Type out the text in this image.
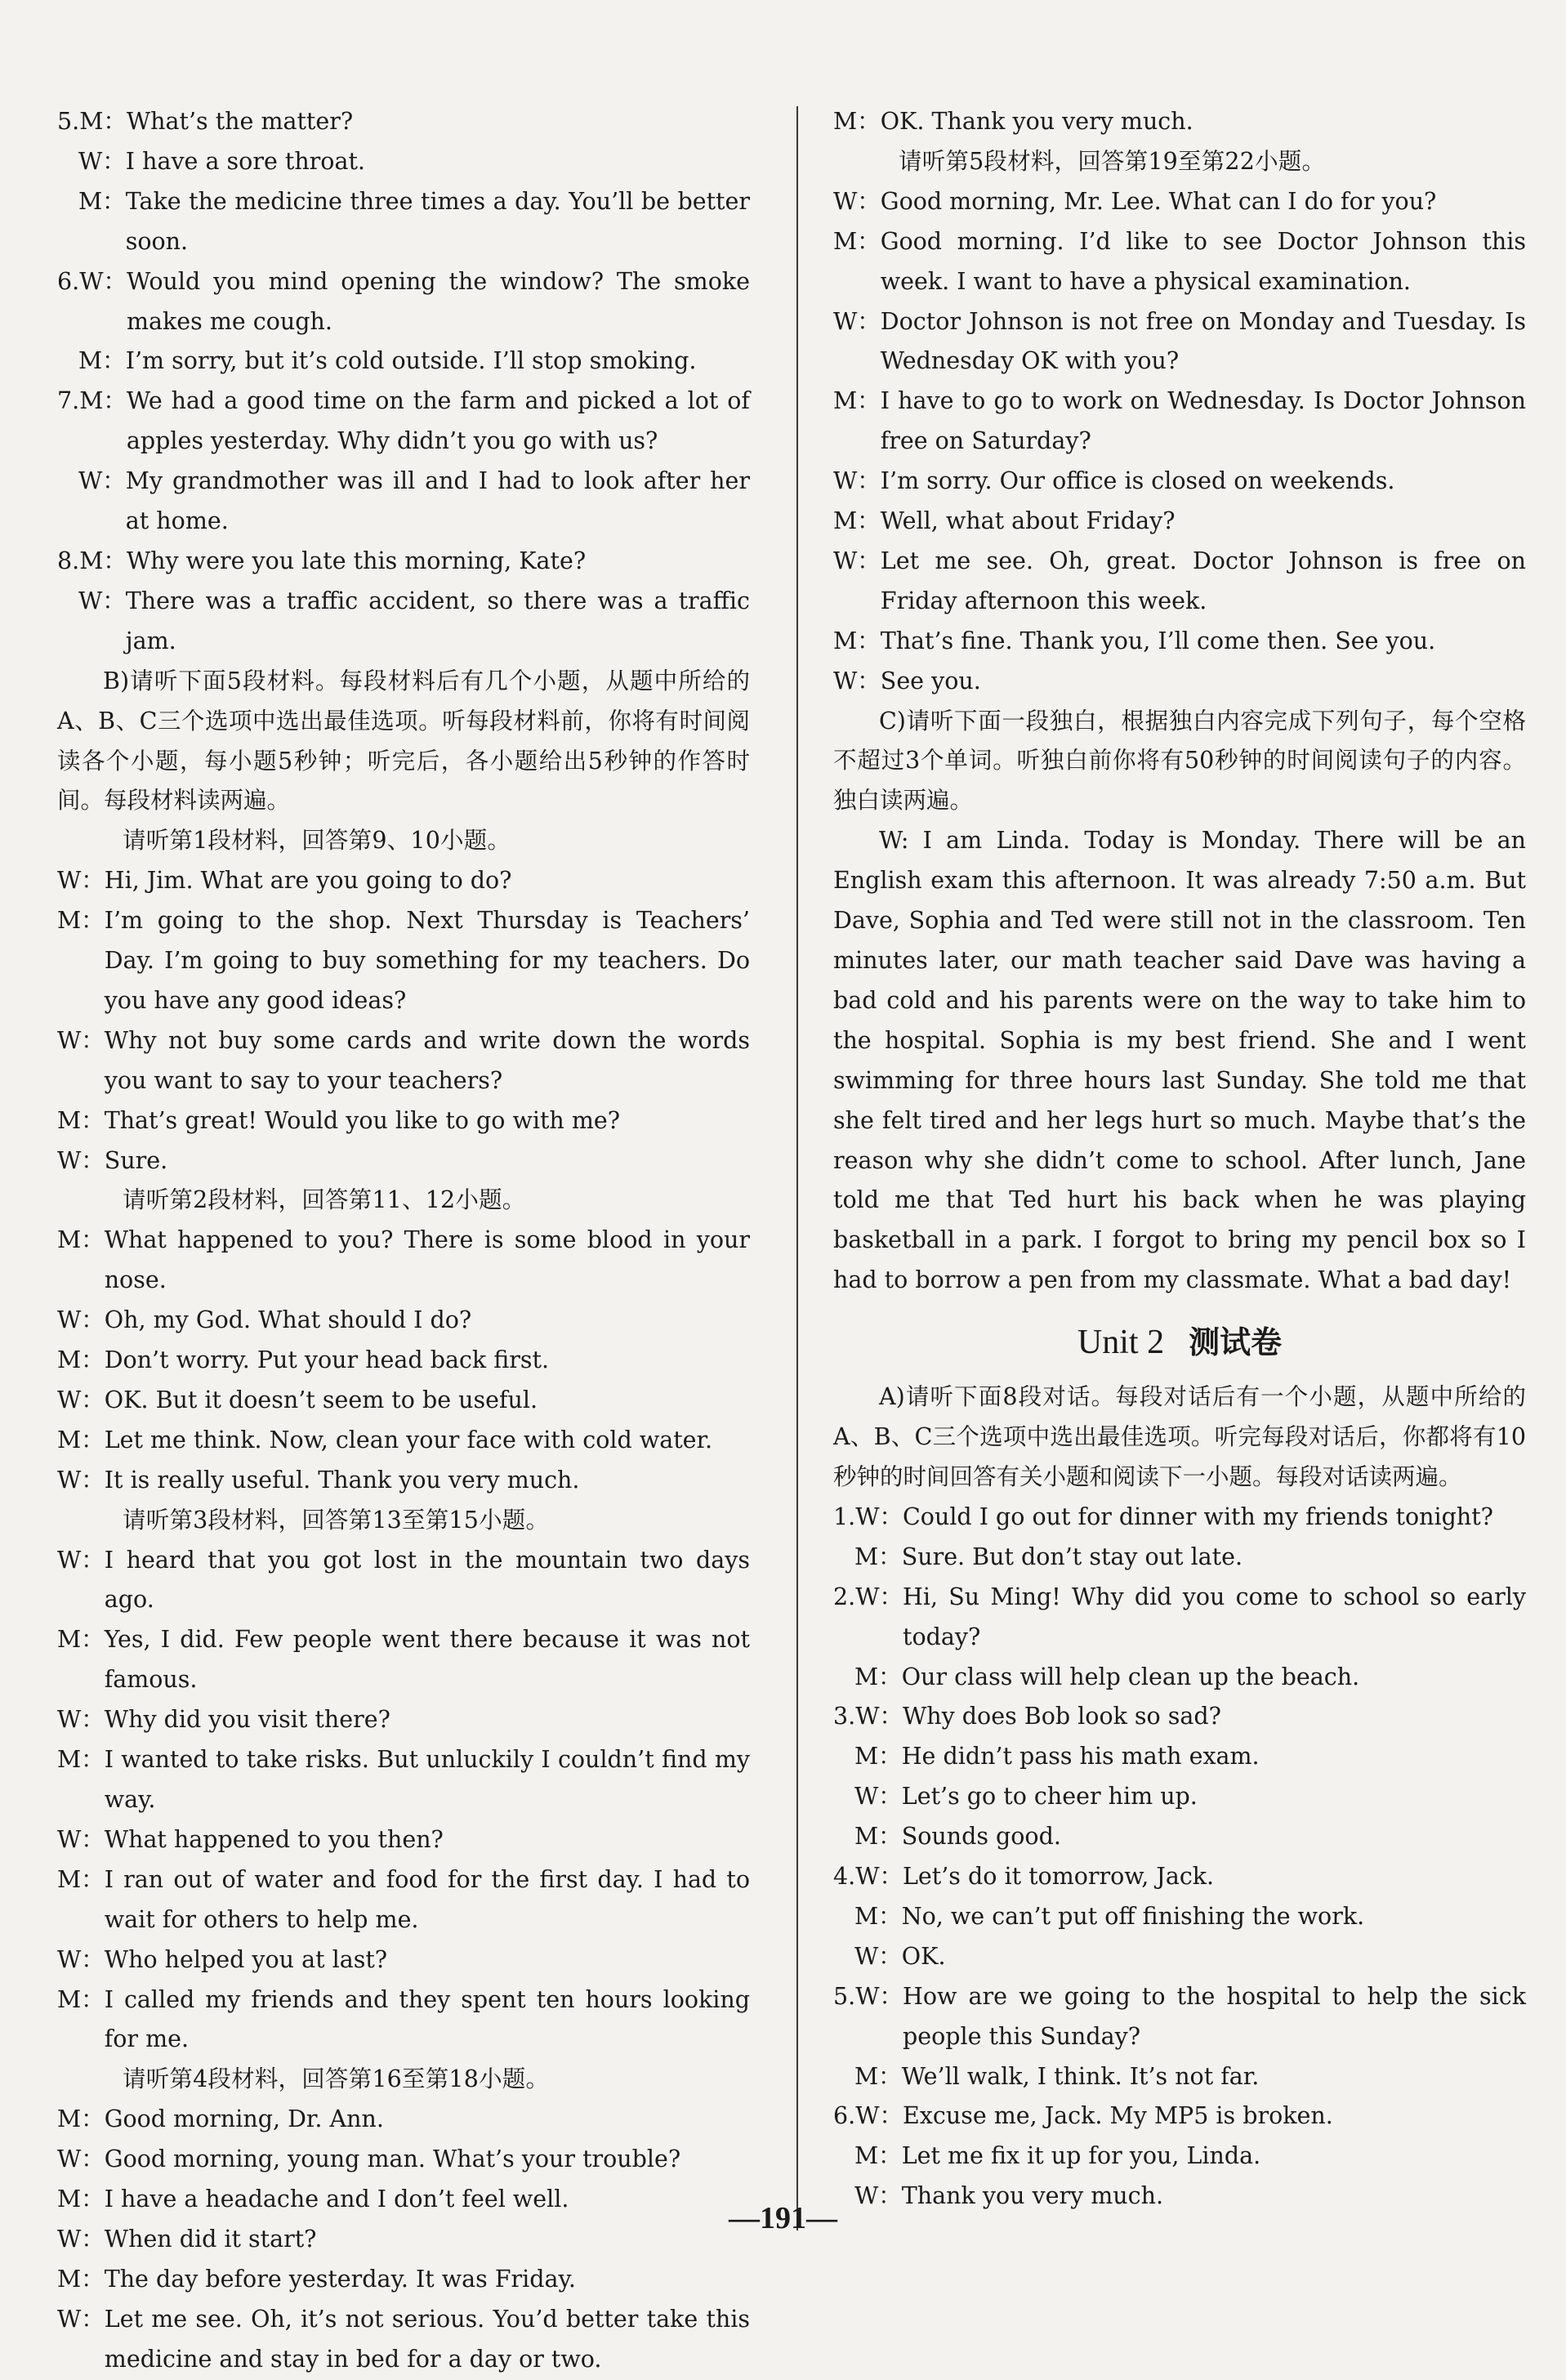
5.M： What’s the matter?
W： I have a sore throat.
M： Take the medicine three times a day. You’ll be better soon.
6.W： Would you mind opening the window? The smoke makes me cough.
M： I’m sorry, but it’s cold outside. I’ll stop smoking.
7.M： We had a good time on the farm and picked a lot of apples yesterday. Why didn’t you go with us?
W： My grandmother was ill and I had to look after her at home.
8.M： Why were you late this morning, Kate?
W： There was a traffic accident, so there was a traffic jam.
B)请听下面5段材料。每段材料后有几个小题，从题中所给的A、B、C三个选项中选出最佳选项。听每段材料前，你将有时间阅读各个小题，每小题5秒钟；听完后，各小题给出5秒钟的作答时间。每段材料读两遍。
请听第1段材料，回答第9、10小题。
W： Hi, Jim. What are you going to do?
M： I’m going to the shop. Next Thursday is Teachers’ Day. I’m going to buy something for my teachers. Do you have any good ideas?
W： Why not buy some cards and write down the words you want to say to your teachers?
M： That’s great! Would you like to go with me?
W： Sure.
请听第2段材料，回答第11、12小题。
M： What happened to you? There is some blood in your nose.
W： Oh, my God. What should I do?
M： Don’t worry. Put your head back first.
W： OK. But it doesn’t seem to be useful.
M： Let me think. Now, clean your face with cold water.
W： It is really useful. Thank you very much.
请听第3段材料，回答第13至第15小题。
W： I heard that you got lost in the mountain two days ago.
M： Yes, I did. Few people went there because it was not famous.
W： Why did you visit there?
M： I wanted to take risks. But unluckily I couldn’t find my way.
W： What happened to you then?
M： I ran out of water and food for the first day. I had to wait for others to help me.
W： Who helped you at last?
M： I called my friends and they spent ten hours looking for me.
请听第4段材料，回答第16至第18小题。
M： Good morning, Dr. Ann.
W： Good morning, young man. What’s your trouble?
M： I have a headache and I don’t feel well.
W： When did it start?
M： The day before yesterday. It was Friday.
W： Let me see. Oh, it’s not serious. You’d better take this medicine and stay in bed for a day or two.
M： OK. Thank you very much.
请听第5段材料，回答第19至第22小题。
W： Good morning, Mr. Lee. What can I do for you?
M： Good morning. I’d like to see Doctor Johnson this week. I want to have a physical examination.
W： Doctor Johnson is not free on Monday and Tuesday. Is Wednesday OK with you?
M： I have to go to work on Wednesday. Is Doctor Johnson free on Saturday?
W： I’m sorry. Our office is closed on weekends.
M： Well, what about Friday?
W： Let me see. Oh, great. Doctor Johnson is free on Friday afternoon this week.
M： That’s fine. Thank you, I’ll come then. See you.
W： See you.
C)请听下面一段独白，根据独白内容完成下列句子，每个空格不超过3个单词。听独白前你将有50秒钟的时间阅读句子的内容。独白读两遍。
W: I am Linda. Today is Monday. There will be an English exam this afternoon. It was already 7:50 a.m. But Dave, Sophia and Ted were still not in the classroom. Ten minutes later, our math teacher said Dave was having a bad cold and his parents were on the way to take him to the hospital. Sophia is my best friend. She and I went swimming for three hours last Sunday. She told me that she felt tired and her legs hurt so much. Maybe that’s the reason why she didn’t come to school. After lunch, Jane told me that Ted hurt his back when he was playing basketball in a park. I forgot to bring my pencil box so I had to borrow a pen from my classmate. What a bad day!
Unit 2 测试卷
A)请听下面8段对话。每段对话后有一个小题，从题中所给的A、B、C三个选项中选出最佳选项。听完每段对话后，你都将有10秒钟的时间回答有关小题和阅读下一小题。每段对话读两遍。
1.W： Could I go out for dinner with my friends tonight?
M： Sure. But don’t stay out late.
2.W： Hi, Su Ming! Why did you come to school so early today?
M： Our class will help clean up the beach.
3.W： Why does Bob look so sad?
M： He didn’t pass his math exam.
W： Let’s go to cheer him up.
M： Sounds good.
4.W： Let’s do it tomorrow, Jack.
M： No, we can’t put off finishing the work.
W： OK.
5.W： How are we going to the hospital to help the sick people this Sunday?
M： We’ll walk, I think. It’s not far.
6.W： Excuse me, Jack. My MP5 is broken.
M： Let me fix it up for you, Linda.
W： Thank you very much.
—191—
